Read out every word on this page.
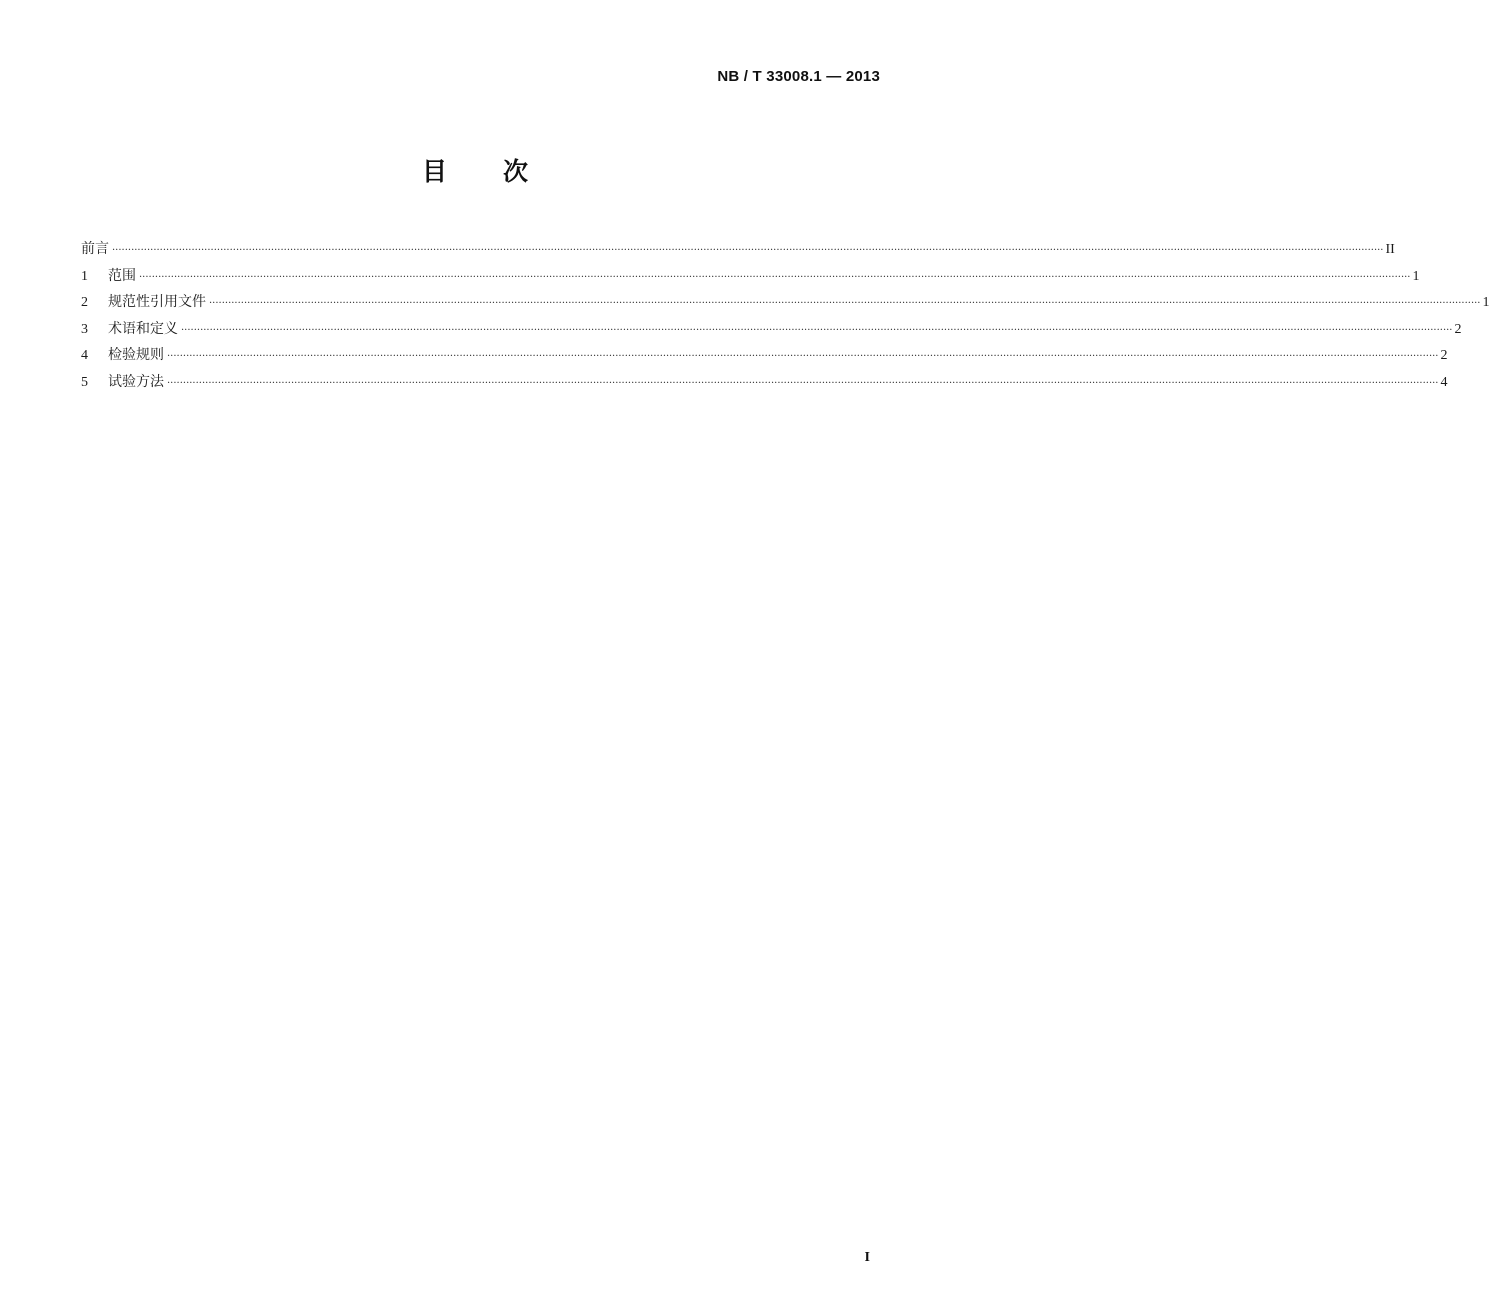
NB / T 33008.1 — 2013
目次
前言 ················································································································································································································································································································································································································ II
1	范围 ················································································································································································································································································································································································································ 1
2	规范性引用文件 ················································································································································································································································································································································································································ 1
3	术语和定义 ················································································································································································································································································································································································································ 2
4	检验规则 ················································································································································································································································································································································································································ 2
5	试验方法 ················································································································································································································································································································································································································ 4
I
